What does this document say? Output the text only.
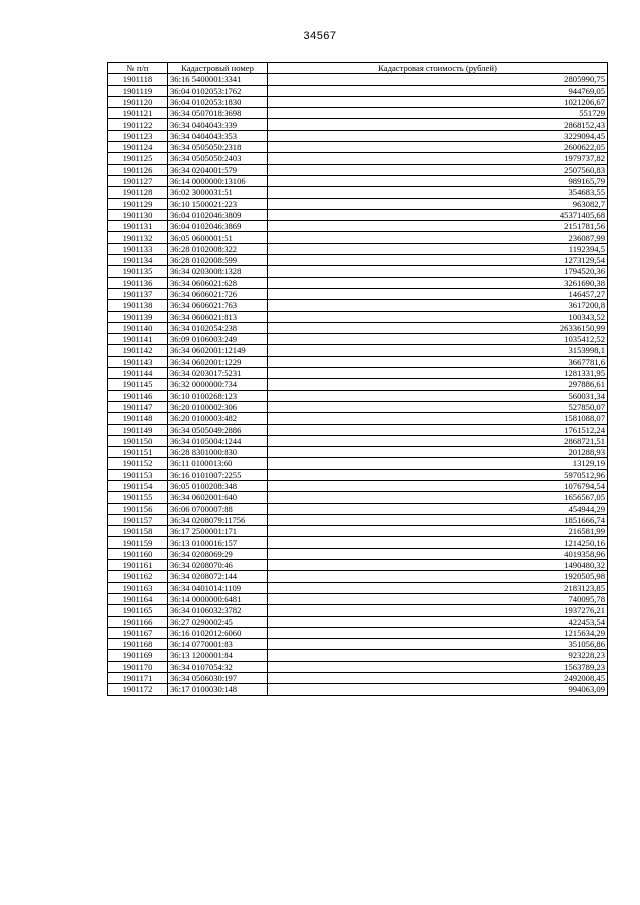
34567
№ п/п	Кадастровый номер	Кадастровая стоимость (рублей)
1901118	36:16 5400001:3341	2805990,75
1901119	36:04 0102053:1762	944769,05
1901120	36:04 0102053:1830	1021206,67
1901121	36:34 0507018:3698	551729
1901122	36:34 0404043:339	2868152,43
1901123	36:34 0404043:353	3229094,45
1901124	36:34 0505050:2318	2600622,05
1901125	36:34 0505050:2403	1979737,82
1901126	36:34 0204001:579	2507560,83
1901127	36:14 0000000:13106	989165,79
1901128	36:02 3000031:51	354683,55
1901129	36:10 1500021:223	963082,7
1901130	36:04 0102046:3809	45371405,68
1901131	36:04 0102046:3869	2151781,56
1901132	36:05 0600001:51	236087,99
1901133	36:28 0102008:322	1192394,5
1901134	36:28 0102008:599	1273129,54
1901135	36:34 0203008:1328	1794520,36
1901136	36:34 0606021:628	3261690,38
1901137	36:34 0606021:726	146457,27
1901138	36:34 0606021:763	3617200,8
1901139	36:34 0606021:813	100343,52
1901140	36:34 0102054:238	26336150,99
1901141	36:09 0106003:249	1035412,52
1901142	36:34 0602001:12149	3153998,1
1901143	36:34 0602001:1229	3667781,6
1901144	36:34 0203017:5231	1281331,95
1901145	36:32 0000000:734	297886,61
1901146	36:10 0100268:123	560031,34
1901147	36:20 0100002:306	527850,07
1901148	36:20 0100003:482	1581088,07
1901149	36:34 0505049:2886	1761512,24
1901150	36:34 0105004:1244	2868721,51
1901151	36:28 8301000:830	201288,93
1901152	36:11 0100013:60	13129,19
1901153	36:16 0101007:2255	5970512,96
1901154	36:05 0100208:348	1076794,54
1901155	36:34 0602001:640	1656567,05
1901156	36:06 0700007:88	454944,29
1901157	36:34 0208079:11756	1851666,74
1901158	36:17 2500001:171	216581,99
1901159	36:13 0100016:157	1214250,16
1901160	36:34 0208069:29	4019358,96
1901161	36:34 0208070:46	1490480,32
1901162	36:34 0208072:144	1920505,98
1901163	36:34 0401014:1109	2183123,85
1901164	36:14 0000000:6481	740095,78
1901165	36:34 0106032:3782	1937276,21
1901166	36:27 0290002:45	422453,54
1901167	36:16 0102012:6060	1215634,29
1901168	36:14 0770001:83	351056,86
1901169	36:13 1200001:84	923228,23
1901170	36:34 0107054:32	1563789,23
1901171	36:34 0506030:197	2492008,45
1901172	36:17 0100030:148	994063,09
